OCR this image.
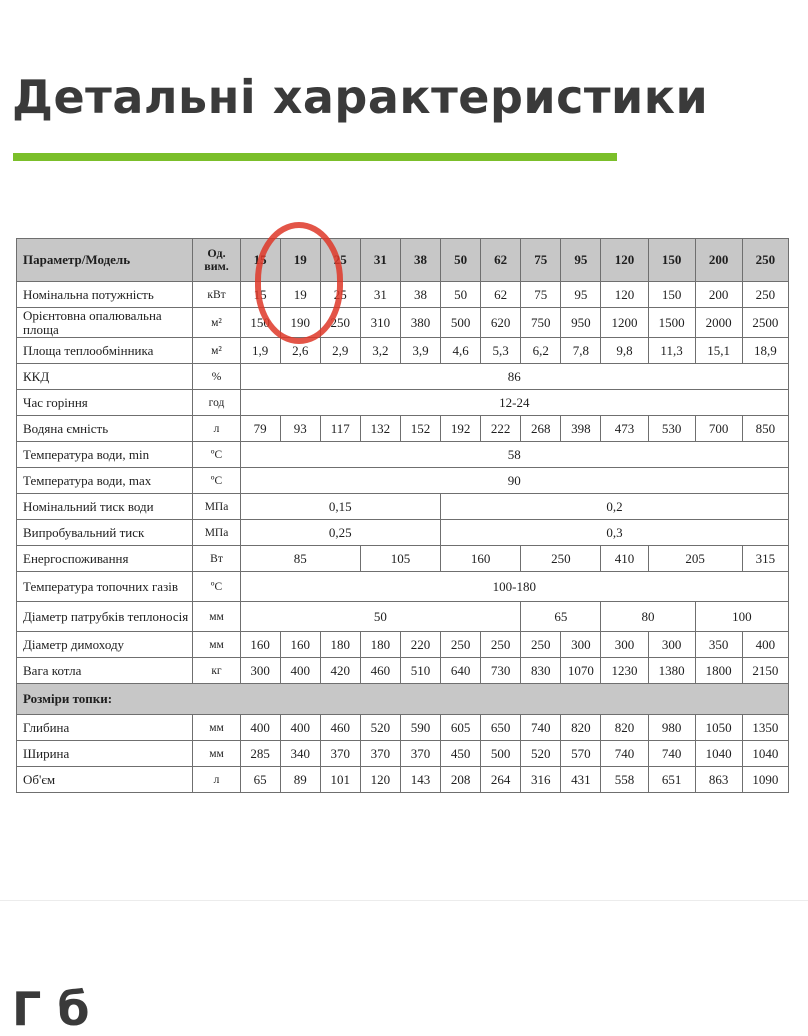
Детальні характеристики
Параметр/Модель	Од. вим.	15	19	25	31	38	50	62	75	95	120	150	200	250
Номінальна потужність	кВт	15	19	25	31	38	50	62	75	95	120	150	200	250
Орієнтовна опалювальна площа	м²	150	190	250	310	380	500	620	750	950	1200	1500	2000	2500
Площа теплообмінника	м²	1,9	2,6	2,9	3,2	3,9	4,6	5,3	6,2	7,8	9,8	11,3	15,1	18,9
ККД	%	86												
Час горіння	год	12-24												
Водяна ємність	л	79	93	117	132	152	192	222	268	398	473	530	700	850
Температура води, min	ºC	58												
Температура води, max	ºC	90												
Номінальний тиск води	МПа	0,15					0,2							
Випробувальний тиск	МПа	0,25					0,3							
Енергоспоживання	Вт	85			105		160		250		410	205		315
Температура топочних газів	ºC	100-180												
Діаметр патрубків теплоносія	мм	50							65		80		100	
Діаметр димоходу	мм	160	160	180	180	220	250	250	250	300	300	300	350	400
Вага котла	кг	300	400	420	460	510	640	730	830	1070	1230	1380	1800	2150
Розміри топки:														
Глибина	мм	400	400	460	520	590	605	650	740	820	820	980	1050	1350
Ширина	мм	285	340	370	370	370	450	500	520	570	740	740	1040	1040
Об'єм	л	65	89	101	120	143	208	264	316	431	558	651	863	1090
Г б
